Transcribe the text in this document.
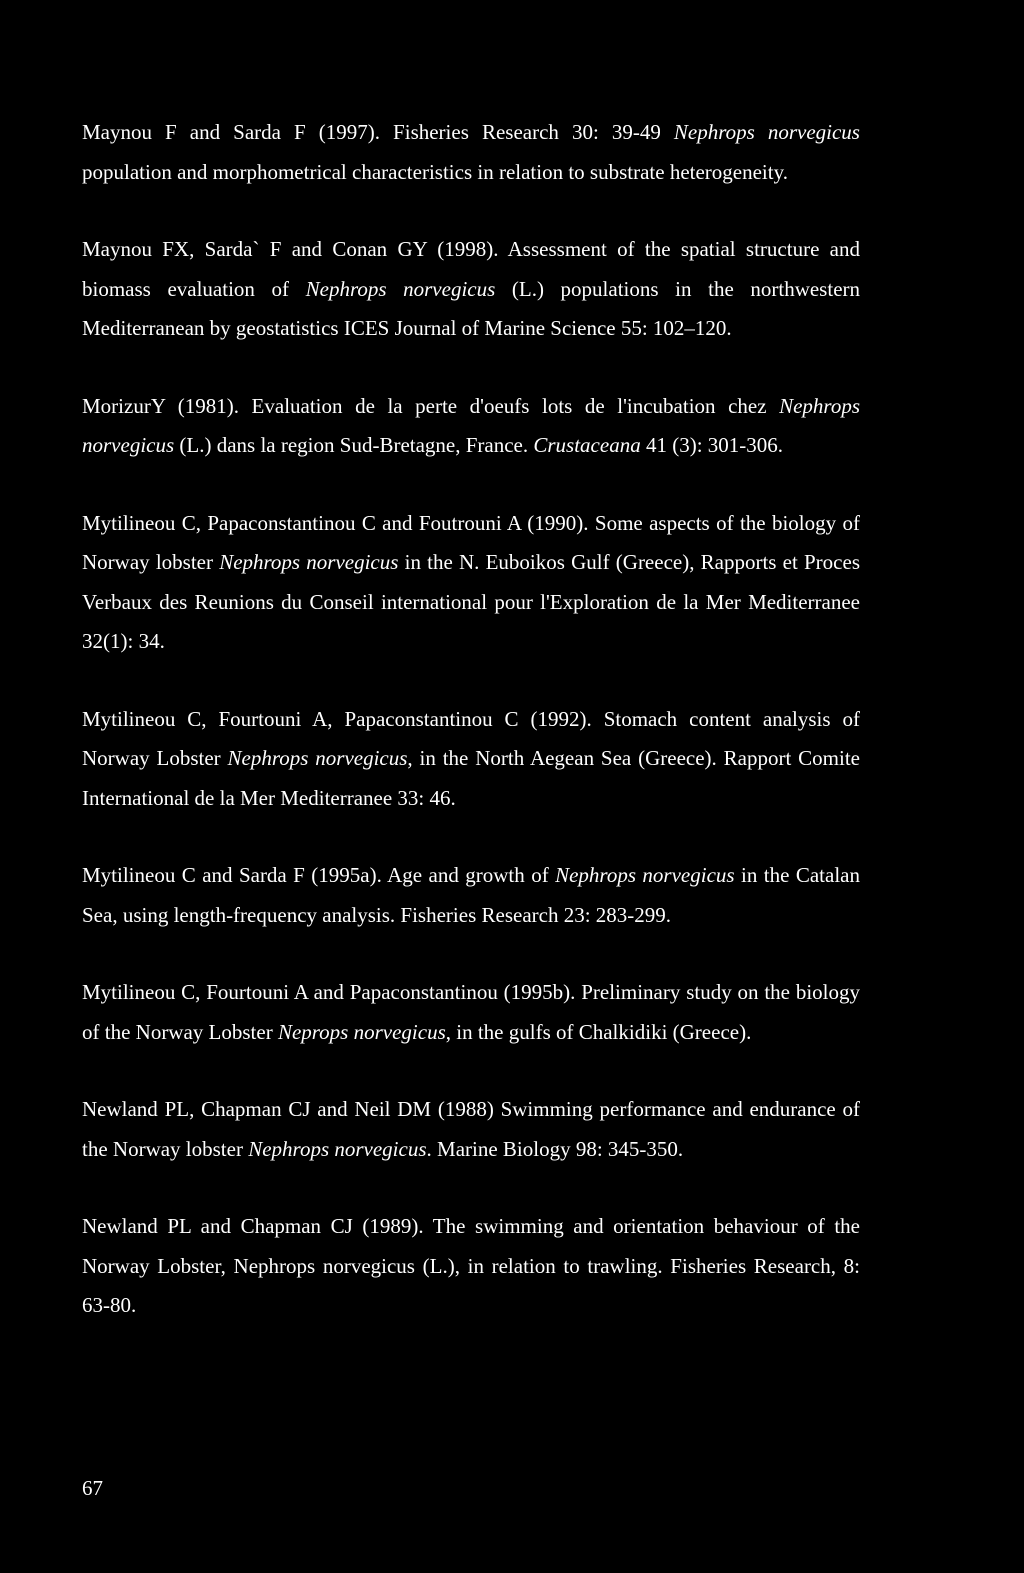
Maynou F and Sarda F (1997). Fisheries Research 30: 39-49 Nephrops norvegicus population and morphometrical characteristics in relation to substrate heterogeneity.

Maynou FX, Sarda` F and Conan GY (1998). Assessment of the spatial structure and biomass evaluation of Nephrops norvegicus (L.) populations in the northwestern Mediterranean by geostatistics ICES Journal of Marine Science 55: 102–120.

MorizurY (1981). Evaluation de la perte d'oeufs lots de l'incubation chez Nephrops norvegicus (L.) dans la region Sud-Bretagne, France. Crustaceana 41 (3): 301-306.

Mytilineou C, Papaconstantinou C and Foutrouni A (1990). Some aspects of the biology of Norway lobster Nephrops norvegicus in the N. Euboikos Gulf (Greece), Rapports et Proces Verbaux des Reunions du Conseil international pour l'Exploration de la Mer Mediterranee 32(1): 34.

Mytilineou C, Fourtouni A, Papaconstantinou C (1992). Stomach content analysis of Norway Lobster Nephrops norvegicus, in the North Aegean Sea (Greece). Rapport Comite International de la Mer Mediterranee 33: 46.

Mytilineou C and Sarda F (1995a). Age and growth of Nephrops norvegicus in the Catalan Sea, using length-frequency analysis. Fisheries Research 23: 283-299.

Mytilineou C, Fourtouni A and Papaconstantinou (1995b). Preliminary study on the biology of the Norway Lobster Neprops norvegicus, in the gulfs of Chalkidiki (Greece).

Newland PL, Chapman CJ and Neil DM (1988) Swimming performance and endurance of the Norway lobster Nephrops norvegicus. Marine Biology 98: 345-350.

Newland PL and Chapman CJ (1989). The swimming and orientation behaviour of the Norway Lobster, Nephrops norvegicus (L.), in relation to trawling. Fisheries Research, 8: 63-80.

67
